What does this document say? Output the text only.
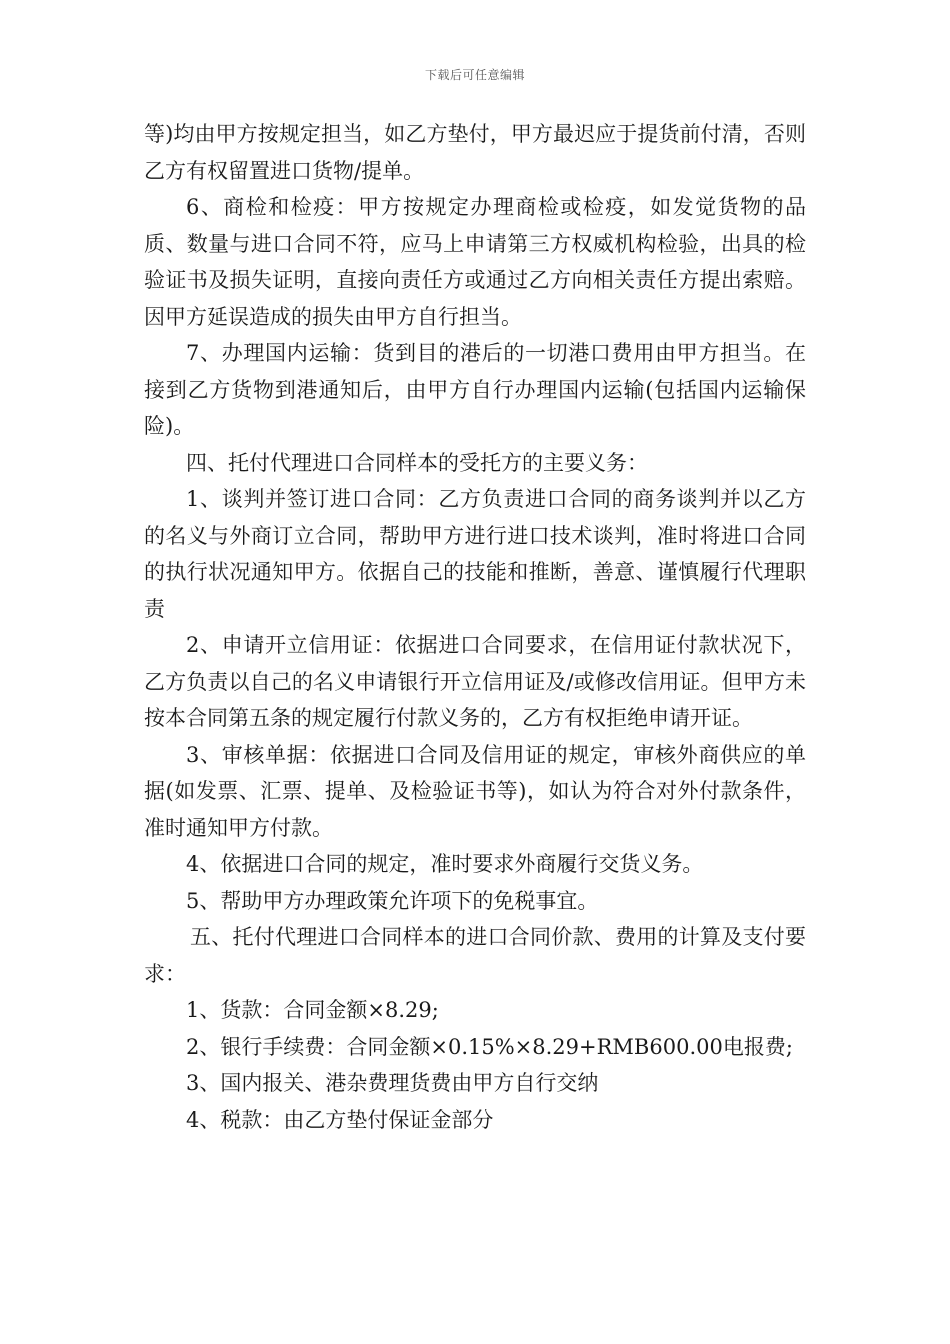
下载后可任意编辑

等)均由甲方按规定担当，如乙方垫付，甲方最迟应于提货前付清，否则乙方有权留置进口货物/提单。

6、商检和检疫：甲方按规定办理商检或检疫，如发觉货物的品质、数量与进口合同不符，应马上申请第三方权威机构检验，出具的检验证书及损失证明，直接向责任方或通过乙方向相关责任方提出索赔。因甲方延误造成的损失由甲方自行担当。

7、办理国内运输：货到目的港后的一切港口费用由甲方担当。在接到乙方货物到港通知后，由甲方自行办理国内运输(包括国内运输保险)。

四、托付代理进口合同样本的受托方的主要义务：

1、谈判并签订进口合同：乙方负责进口合同的商务谈判并以乙方的名义与外商订立合同，帮助甲方进行进口技术谈判，准时将进口合同的执行状况通知甲方。依据自己的技能和推断，善意、谨慎履行代理职责

2、申请开立信用证：依据进口合同要求，在信用证付款状况下，乙方负责以自己的名义申请银行开立信用证及/或修改信用证。但甲方未按本合同第五条的规定履行付款义务的，乙方有权拒绝申请开证。

3、审核单据：依据进口合同及信用证的规定，审核外商供应的单据(如发票、汇票、提单、及检验证书等)，如认为符合对外付款条件，准时通知甲方付款。

4、依据进口合同的规定，准时要求外商履行交货义务。

5、帮助甲方办理政策允许项下的免税事宜。

五、托付代理进口合同样本的进口合同价款、费用的计算及支付要求：

1、货款：合同金额×8.29;

2、银行手续费：合同金额×0.15%×8.29+RMB600.00电报费;

3、国内报关、港杂费理货费由甲方自行交纳

4、税款：由乙方垫付保证金部分
